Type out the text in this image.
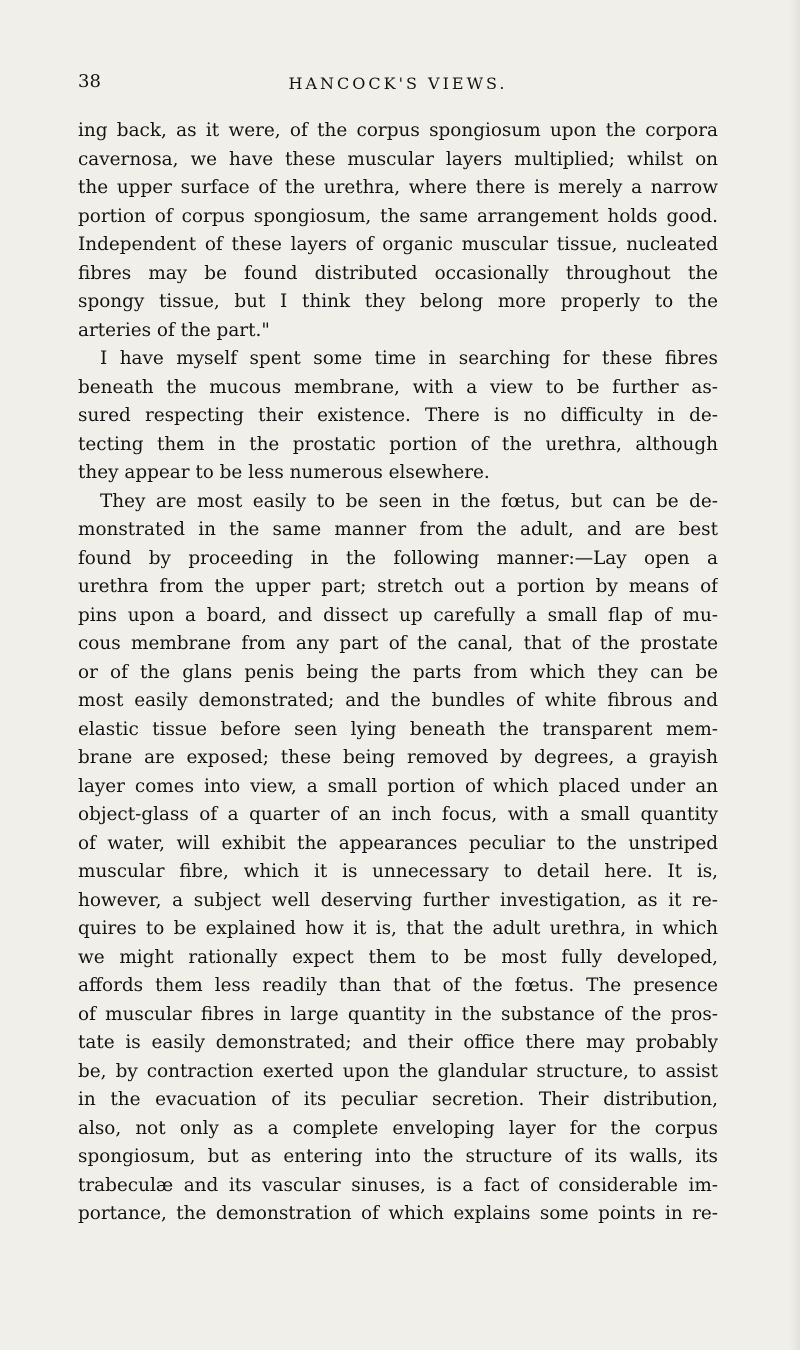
38	HANCOCK'S VIEWS.
ing back, as it were, of the corpus spongiosum upon the corpora
cavernosa, we have these muscular layers multiplied; whilst on
the upper surface of the urethra, where there is merely a narrow
portion of corpus spongiosum, the same arrangement holds good.
Independent of these layers of organic muscular tissue, nucleated
fibres may be found distributed occasionally throughout the
spongy tissue, but I think they belong more properly to the
arteries of the part."
I have myself spent some time in searching for these fibres
beneath the mucous membrane, with a view to be further as-
sured respecting their existence. There is no difficulty in de-
tecting them in the prostatic portion of the urethra, although
they appear to be less numerous elsewhere.
They are most easily to be seen in the fœtus, but can be de-
monstrated in the same manner from the adult, and are best
found by proceeding in the following manner:—Lay open a
urethra from the upper part; stretch out a portion by means of
pins upon a board, and dissect up carefully a small flap of mu-
cous membrane from any part of the canal, that of the prostate
or of the glans penis being the parts from which they can be
most easily demonstrated; and the bundles of white fibrous and
elastic tissue before seen lying beneath the transparent mem-
brane are exposed; these being removed by degrees, a grayish
layer comes into view, a small portion of which placed under an
object-glass of a quarter of an inch focus, with a small quantity
of water, will exhibit the appearances peculiar to the unstriped
muscular fibre, which it is unnecessary to detail here. It is,
however, a subject well deserving further investigation, as it re-
quires to be explained how it is, that the adult urethra, in which
we might rationally expect them to be most fully developed,
affords them less readily than that of the fœtus. The presence
of muscular fibres in large quantity in the substance of the pros-
tate is easily demonstrated; and their office there may probably
be, by contraction exerted upon the glandular structure, to assist
in the evacuation of its peculiar secretion. Their distribution,
also, not only as a complete enveloping layer for the corpus
spongiosum, but as entering into the structure of its walls, its
trabeculæ and its vascular sinuses, is a fact of considerable im-
portance, the demonstration of which explains some points in re-
